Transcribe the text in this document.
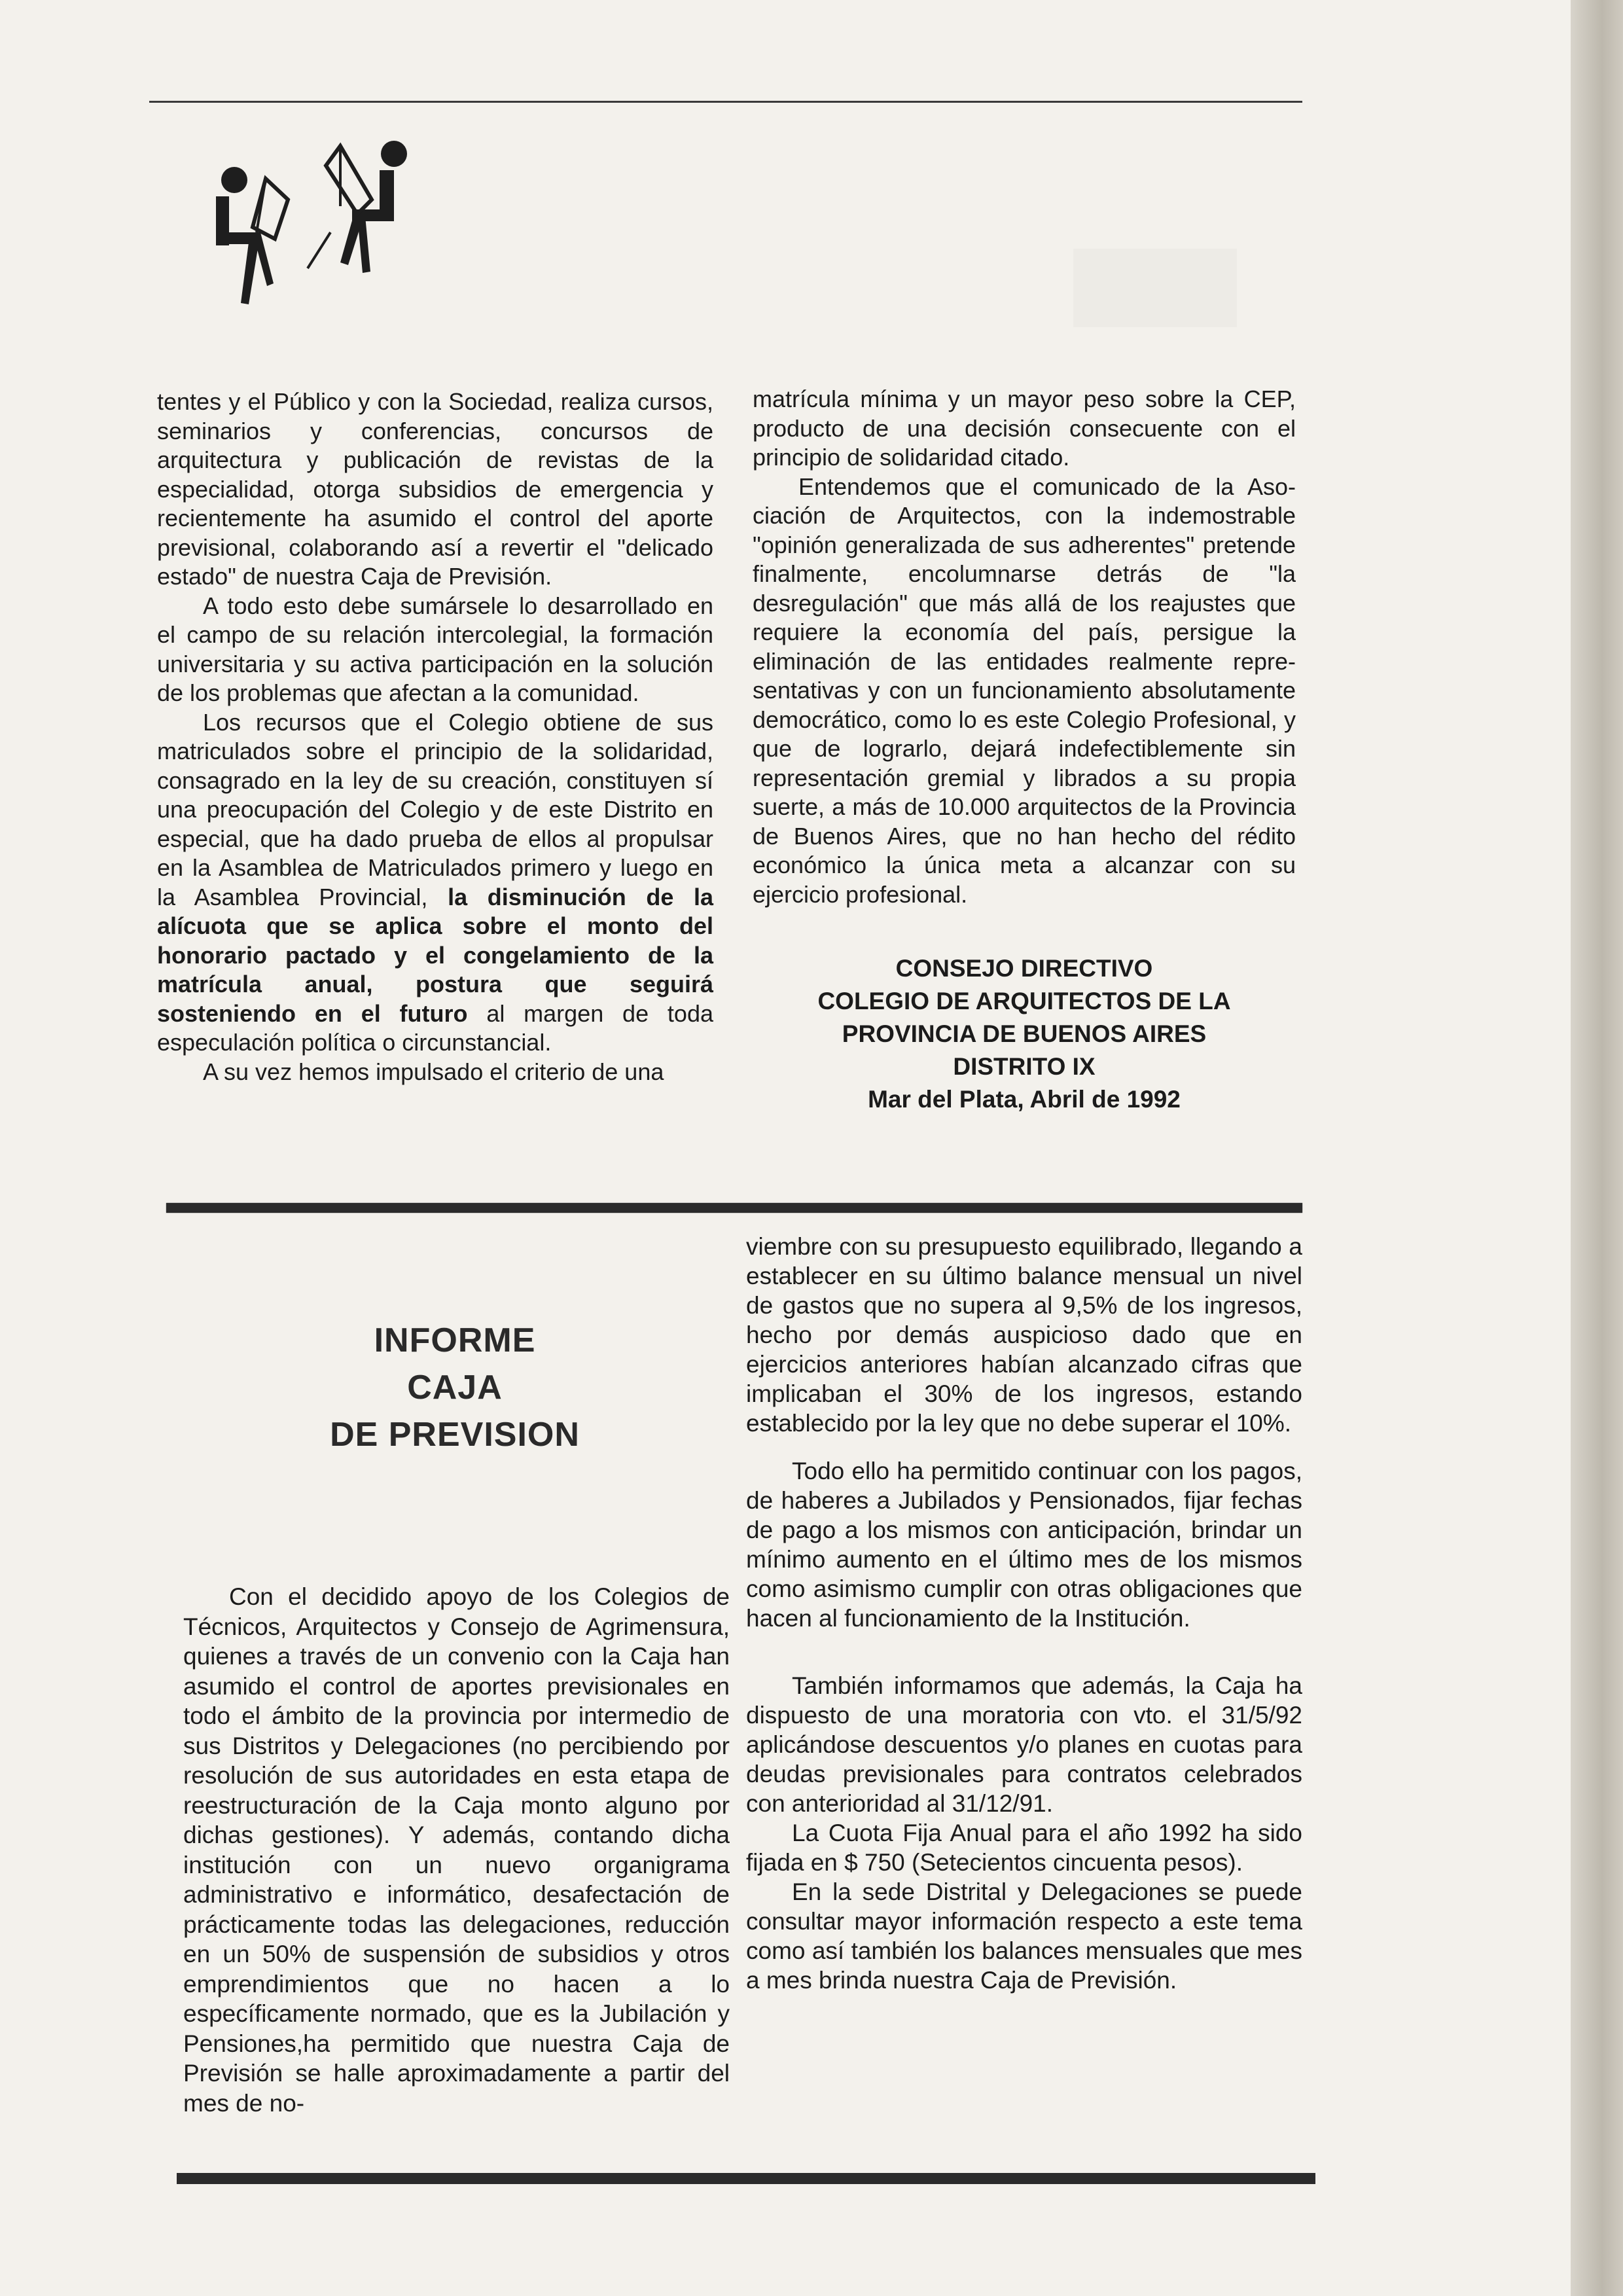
tentes y el Público y con la Sociedad, realiza cursos, seminarios y conferencias, concursos de arquitectura y publicación de revistas de la especialidad, otorga subsidios de emergencia y recientemente ha asumido el control del aporte previsional, colaborando así a revertir el "delicado estado" de nuestra Caja de Previsión.

A todo esto debe sumársele lo desarrollado en el campo de su relación intercolegial, la formación universitaria y su activa participación en la solución de los problemas que afectan a la comunidad.

Los recursos que el Colegio obtiene de sus matriculados sobre el principio de la solidaridad, consagrado en la ley de su creación, constituyen sí una preocupación del Colegio y de este Distrito en especial, que ha dado prueba de ellos al propulsar en la Asamblea de Matriculados primero y luego en la Asamblea Provincial, la disminución de la alícuota que se aplica sobre el monto del honorario pactado y el congelamiento de la matrícula anual, postura que seguirá sosteniendo en el futuro al margen de toda especulación política o circunstancial.

A su vez hemos impulsado el criterio de una

matrícula mínima y un mayor peso sobre la CEP, producto de una decisión consecuente con el principio de solidaridad citado.

Entendemos que el comunicado de la Asociación de Arquitectos, con la indemostrable "opinión generalizada de sus adherentes" pretende finalmente, encolumnarse detrás de "la desregulación" que más allá de los reajustes que requiere la economía del país, persigue la eliminación de las entidades realmente representativas y con un funcionamiento absolutamente democrático, como lo es este Colegio Profesional, y que de lograrlo, dejará indefectiblemente sin representación gremial y librados a su propia suerte, a más de 10.000 arquitectos de la Provincia de Buenos Aires, que no han hecho del rédito económico la única meta a alcanzar con su ejercicio profesional.

CONSEJO DIRECTIVO
COLEGIO DE ARQUITECTOS DE LA
PROVINCIA DE BUENOS AIRES
DISTRITO IX
Mar del Plata, Abril de 1992
INFORME
CAJA
DE PREVISION

Con el decidido apoyo de los Colegios de Técnicos, Arquitectos y Consejo de Agrimensura, quienes a través de un convenio con la Caja han asumido el control de aportes previsionales en todo el ámbito de la provincia por intermedio de sus Distritos y Delegaciones (no percibiendo por resolución de sus autoridades en esta etapa de reestructuración de la Caja monto alguno por dichas gestiones). Y además, contando dicha institución con un nuevo organigrama administrativo e informático, desafectación de prácticamente todas las delegaciones, reducción en un 50% de suspensión de subsidios y otros emprendimientos que no hacen a lo específicamente normado, que es la Jubilación y Pensiones,ha permitido que nuestra Caja de Previsión se halle aproximadamente a partir del mes de no-

viembre con su presupuesto equilibrado, llegando a establecer en su último balance mensual un nivel de gastos que no supera al 9,5% de los ingresos, hecho por demás auspicioso dado que en ejercicios anteriores habían alcanzado cifras que implicaban el 30% de los ingresos, estando establecido por la ley que no debe superar el 10%.

Todo ello ha permitido continuar con los pagos, de haberes a Jubilados y Pensionados, fijar fechas de pago a los mismos con anticipación, brindar un mínimo aumento en el último mes de los mismos como asimismo cumplir con otras obligaciones que hacen al funcionamiento de la Institución.

También informamos que además, la Caja ha dispuesto de una moratoria con vto. el 31/5/92 aplicándose descuentos y/o planes en cuotas para deudas previsionales para contratos celebrados con anterioridad al 31/12/91.

La Cuota Fija Anual para el año 1992 ha sido fijada en $ 750 (Setecientos cincuenta pesos).

En la sede Distrital y Delegaciones se puede consultar mayor información respecto a este tema como así también los balances mensuales que mes a mes brinda nuestra Caja de Previsión.
